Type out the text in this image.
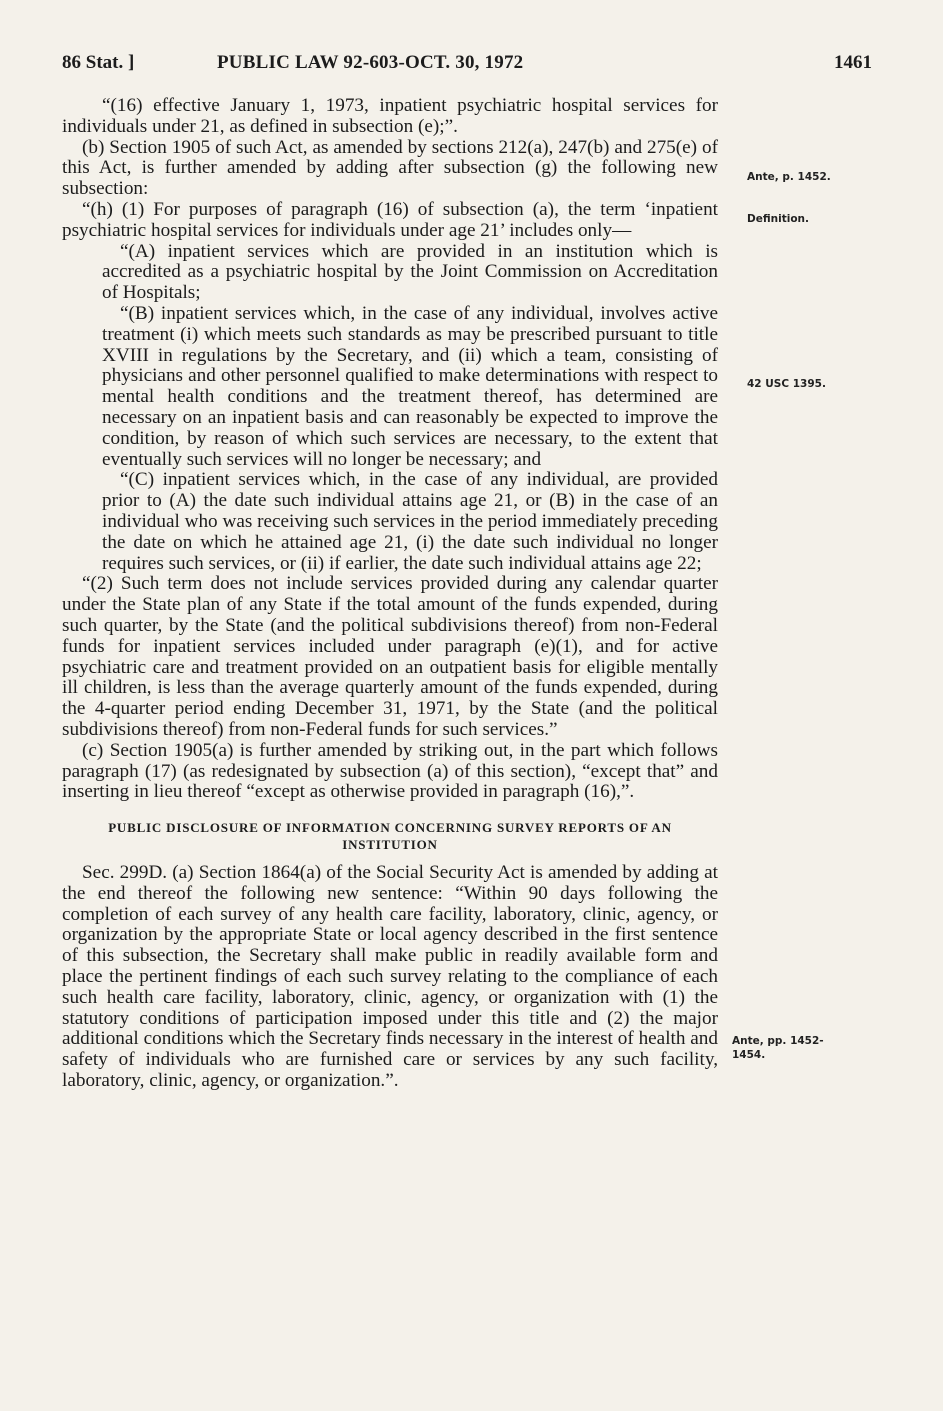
86 Stat. ]	PUBLIC LAW 92-603-OCT. 30, 1972	1461

“(16) effective January 1, 1973, inpatient psychiatric hospital services for individuals under 21, as defined in subsection (e);”.

(b) Section 1905 of such Act, as amended by sections 212(a), 247(b) and 275(e) of this Act, is further amended by adding after subsection (g) the following new subsection:

“(h) (1) For purposes of paragraph (16) of subsection (a), the term ‘inpatient psychiatric hospital services for individuals under age 21’ includes only—

“(A) inpatient services which are provided in an institution which is accredited as a psychiatric hospital by the Joint Commission on Accreditation of Hospitals;

“(B) inpatient services which, in the case of any individual, involves active treatment (i) which meets such standards as may be prescribed pursuant to title XVIII in regulations by the Secretary, and (ii) which a team, consisting of physicians and other personnel qualified to make determinations with respect to mental health conditions and the treatment thereof, has determined are necessary on an inpatient basis and can reasonably be expected to improve the condition, by reason of which such services are necessary, to the extent that eventually such services will no longer be necessary; and

“(C) inpatient services which, in the case of any individual, are provided prior to (A) the date such individual attains age 21, or (B) in the case of an individual who was receiving such services in the period immediately preceding the date on which he attained age 21, (i) the date such individual no longer requires such services, or (ii) if earlier, the date such individual attains age 22;

“(2) Such term does not include services provided during any calendar quarter under the State plan of any State if the total amount of the funds expended, during such quarter, by the State (and the political subdivisions thereof) from non-Federal funds for inpatient services included under paragraph (e)(1), and for active psychiatric care and treatment provided on an outpatient basis for eligible mentally ill children, is less than the average quarterly amount of the funds expended, during the 4-quarter period ending December 31, 1971, by the State (and the political subdivisions thereof) from non-Federal funds for such services.”

(c) Section 1905(a) is further amended by striking out, in the part which follows paragraph (17) (as redesignated by subsection (a) of this section), “except that” and inserting in lieu thereof “except as otherwise provided in paragraph (16),”.

PUBLIC DISCLOSURE OF INFORMATION CONCERNING SURVEY REPORTS OF AN INSTITUTION

Sec. 299D. (a) Section 1864(a) of the Social Security Act is amended by adding at the end thereof the following new sentence: “Within 90 days following the completion of each survey of any health care facility, laboratory, clinic, agency, or organization by the appropriate State or local agency described in the first sentence of this subsection, the Secretary shall make public in readily available form and place the pertinent findings of each such survey relating to the compliance of each such health care facility, laboratory, clinic, agency, or organization with (1) the statutory conditions of participation imposed under this title and (2) the major additional conditions which the Secretary finds necessary in the interest of health and safety of individuals who are furnished care or services by any such facility, laboratory, clinic, agency, or organization.”.

Ante, p. 1452.
Definition.
42 USC 1395.
Ante, pp. 1452-1454.
